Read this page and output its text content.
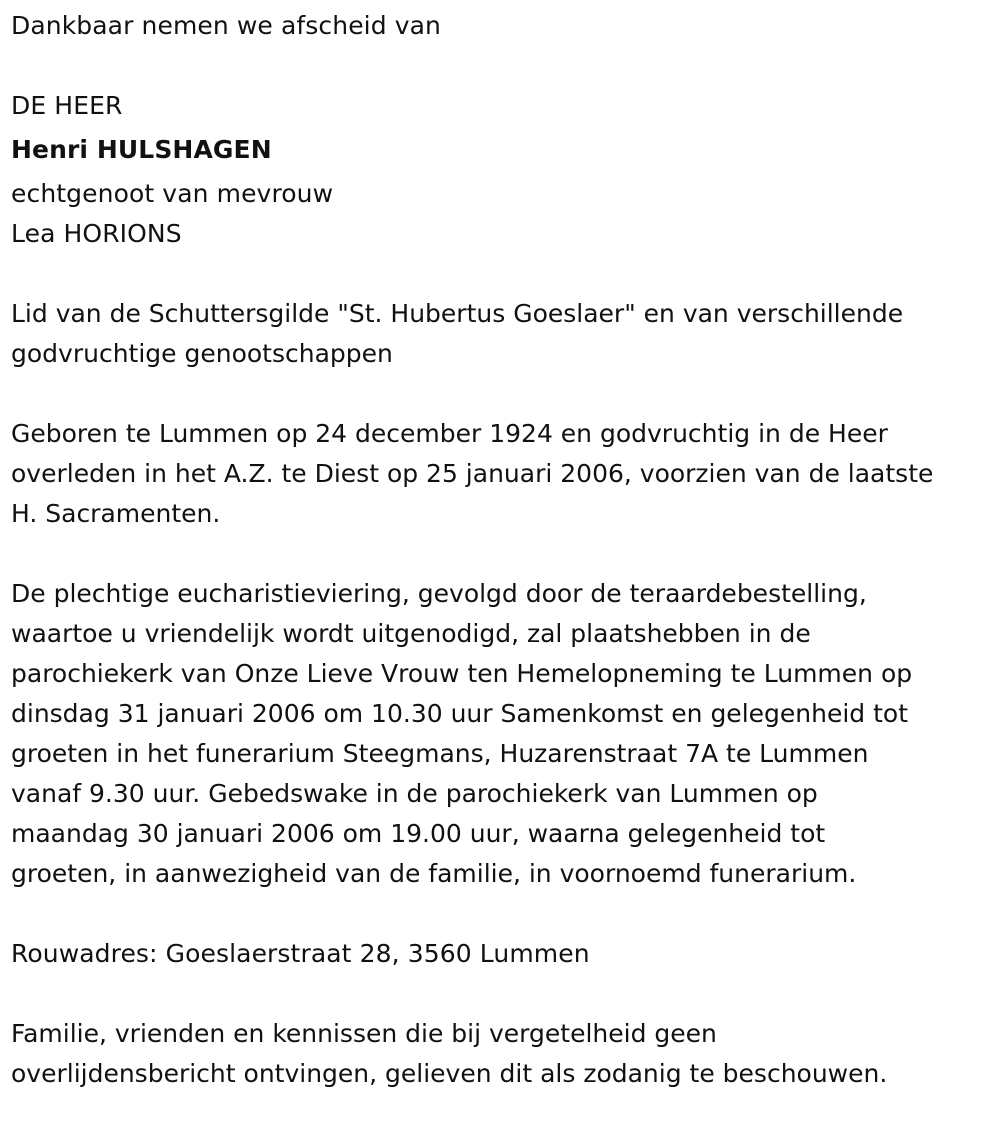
Dankbaar nemen we afscheid van
DE HEER
Henri HULSHAGEN
echtgenoot van mevrouw
Lea HORIONS

Lid van de Schuttersgilde "St. Hubertus Goeslaer" en van verschillende
godvruchtige genootschappen

Geboren te Lummen op 24 december 1924 en godvruchtig in de Heer
overleden in het A.Z. te Diest op 25 januari 2006, voorzien van de laatste
H. Sacramenten.

De plechtige eucharistieviering, gevolgd door de teraardebestelling,
waartoe u vriendelijk wordt uitgenodigd, zal plaatshebben in de
parochiekerk van Onze Lieve Vrouw ten Hemelopneming te Lummen op
dinsdag 31 januari 2006 om 10.30 uur Samenkomst en gelegenheid tot
groeten in het funerarium Steegmans, Huzarenstraat 7A te Lummen
vanaf 9.30 uur. Gebedswake in de parochiekerk van Lummen op
maandag 30 januari 2006 om 19.00 uur, waarna gelegenheid tot
groeten, in aanwezigheid van de familie, in voornoemd funerarium.

Rouwadres: Goeslaerstraat 28, 3560 Lummen

Familie, vrienden en kennissen die bij vergetelheid geen
overlijdensbericht ontvingen, gelieven dit als zodanig te beschouwen.
